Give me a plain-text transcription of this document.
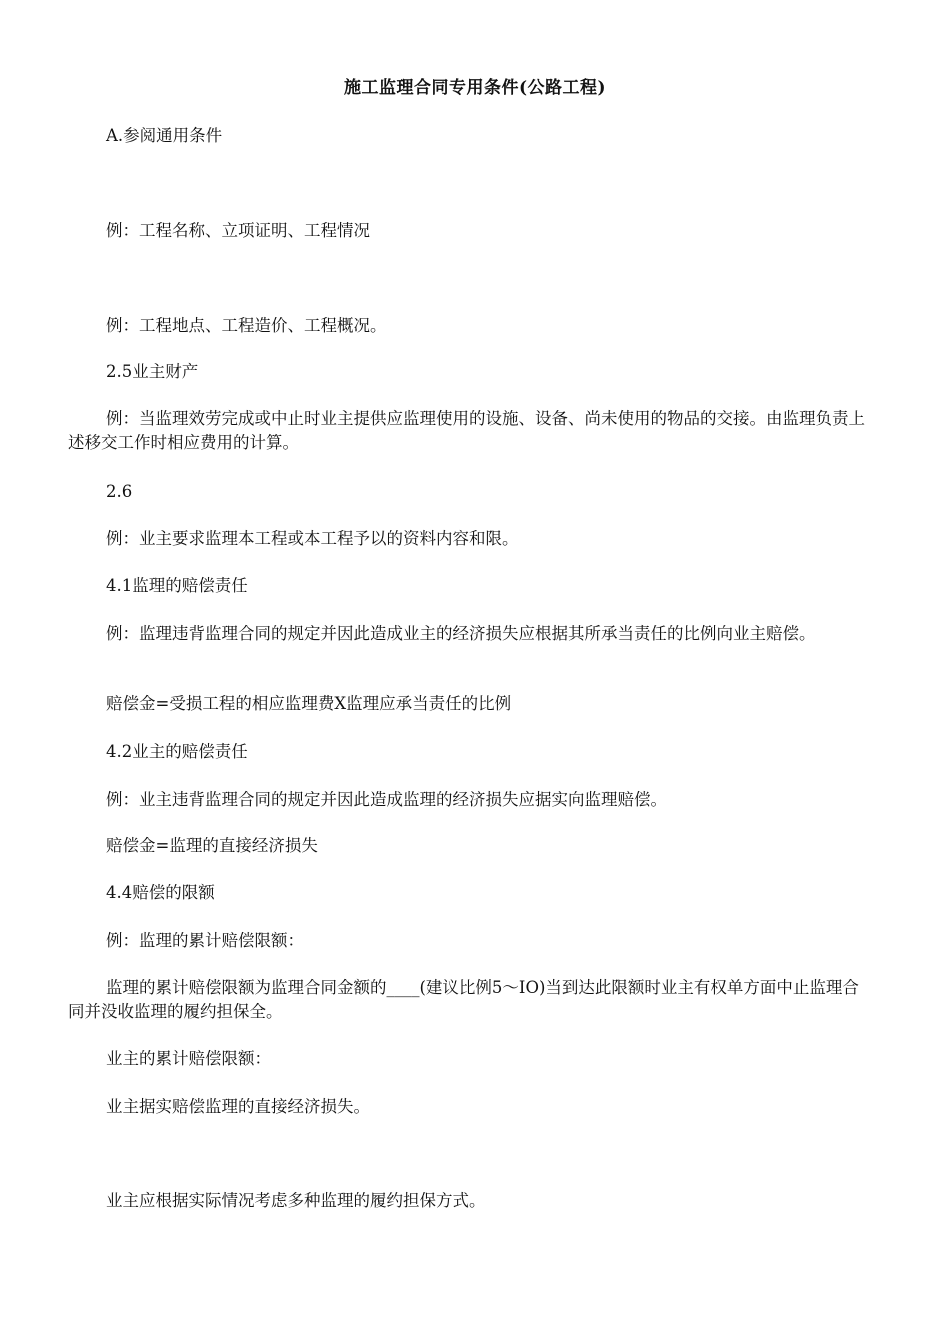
施工监理合同专用条件(公路工程)
A.参阅通用条件
例：工程名称、立项证明、工程情况
例：工程地点、工程造价、工程概况。
2.5业主财产
例：当监理效劳完成或中止时业主提供应监理使用的设施、设备、尚未使用的物品的交接。由监理负责上述移交工作时相应费用的计算。
2.6
例：业主要求监理本工程或本工程予以的资料内容和限。
4.1监理的赔偿责任
例：监理违背监理合同的规定并因此造成业主的经济损失应根据其所承当责任的比例向业主赔偿。
赔偿金=受损工程的相应监理费X监理应承当责任的比例
4.2业主的赔偿责任
例：业主违背监理合同的规定并因此造成监理的经济损失应据实向监理赔偿。
赔偿金=监理的直接经济损失
4.4赔偿的限额
例：监理的累计赔偿限额：
监理的累计赔偿限额为监理合同金额的____(建议比例5～IO)当到达此限额时业主有权单方面中止监理合同并没收监理的履约担保全。
业主的累计赔偿限额：
业主据实赔偿监理的直接经济损失。
业主应根据实际情况考虑多种监理的履约担保方式。
